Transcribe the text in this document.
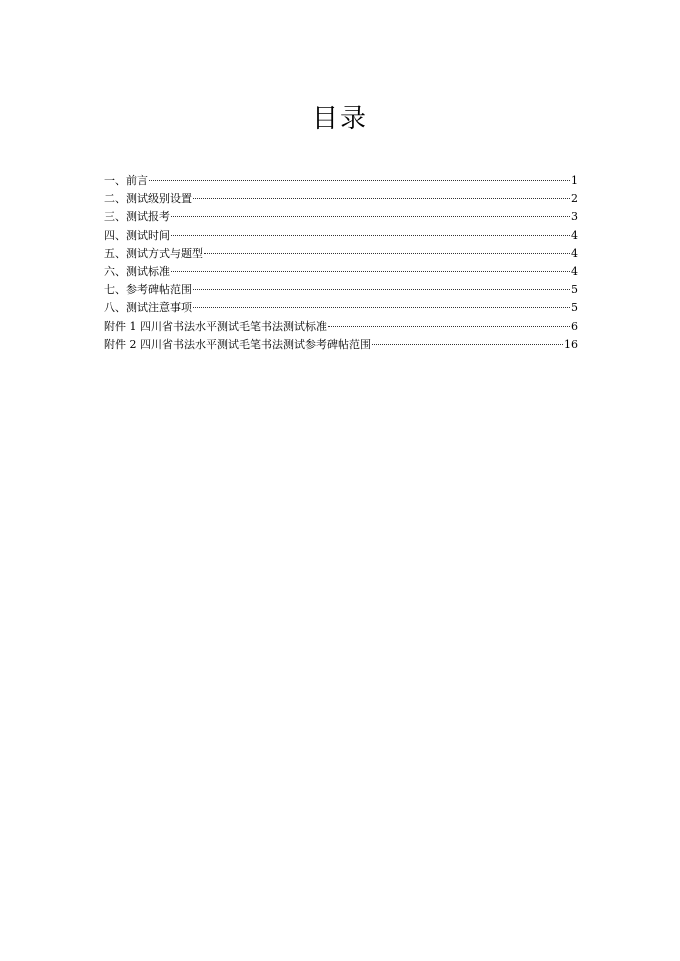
目录
一、前言	1
二、测试级别设置	2
三、测试报考	3
四、测试时间	4
五、测试方式与题型	4
六、测试标准	4
七、参考碑帖范围	5
八、测试注意事项	5
附件 1 四川省书法水平测试毛笔书法测试标准	6
附件 2 四川省书法水平测试毛笔书法测试参考碑帖范围	16
